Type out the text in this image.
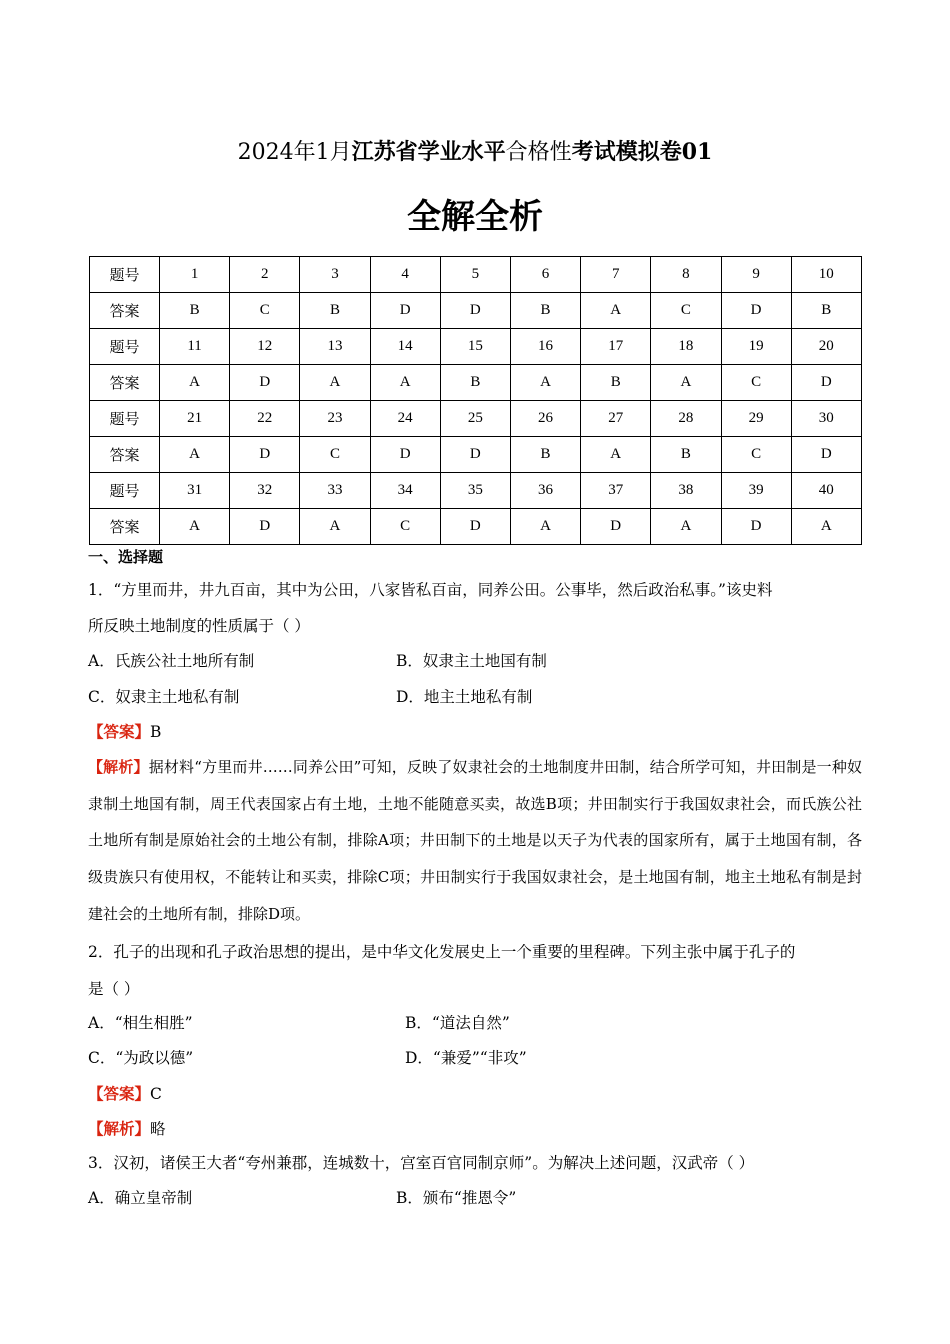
2024年1月江苏省学业水平合格性考试模拟卷01
全解全析
题号	1	2	3	4	5	6	7	8	9	10
答案	B	C	B	D	D	B	A	C	D	B
题号	11	12	13	14	15	16	17	18	19	20
答案	A	D	A	A	B	A	B	A	C	D
题号	21	22	23	24	25	26	27	28	29	30
答案	A	D	C	D	D	B	A	B	C	D
题号	31	32	33	34	35	36	37	38	39	40
答案	A	D	A	C	D	A	D	A	D	A
一、选择题
1．“方里而井，井九百亩，其中为公田，八家皆私百亩，同养公田。公事毕，然后政治私事。”该史料
所反映土地制度的性质属于（ ）
A．氏族公社土地所有制	B．奴隶主土地国有制
C．奴隶主土地私有制	D．地主土地私有制
【答案】B
【解析】据材料“方里而井……同养公田”可知，反映了奴隶社会的土地制度井田制，结合所学可知，井田制是一种奴隶制土地国有制，周王代表国家占有土地，土地不能随意买卖，故选B项；井田制实行于我国奴隶社会，而氏族公社土地所有制是原始社会的土地公有制，排除A项；井田制下的土地是以天子为代表的国家所有，属于土地国有制，各级贵族只有使用权，不能转让和买卖，排除C项；井田制实行于我国奴隶社会，是土地国有制，地主土地私有制是封建社会的土地所有制，排除D项。
2．孔子的出现和孔子政治思想的提出，是中华文化发展史上一个重要的里程碑。下列主张中属于孔子的
是（ ）
A．“相生相胜”	B．“道法自然”
C．“为政以德”	D．“兼爱”“非攻”
【答案】C
【解析】略
3．汉初，诸侯王大者“夸州兼郡，连城数十，宫室百官同制京师”。为解决上述问题，汉武帝（ ）
A．确立皇帝制	B．颁布“推恩令”
